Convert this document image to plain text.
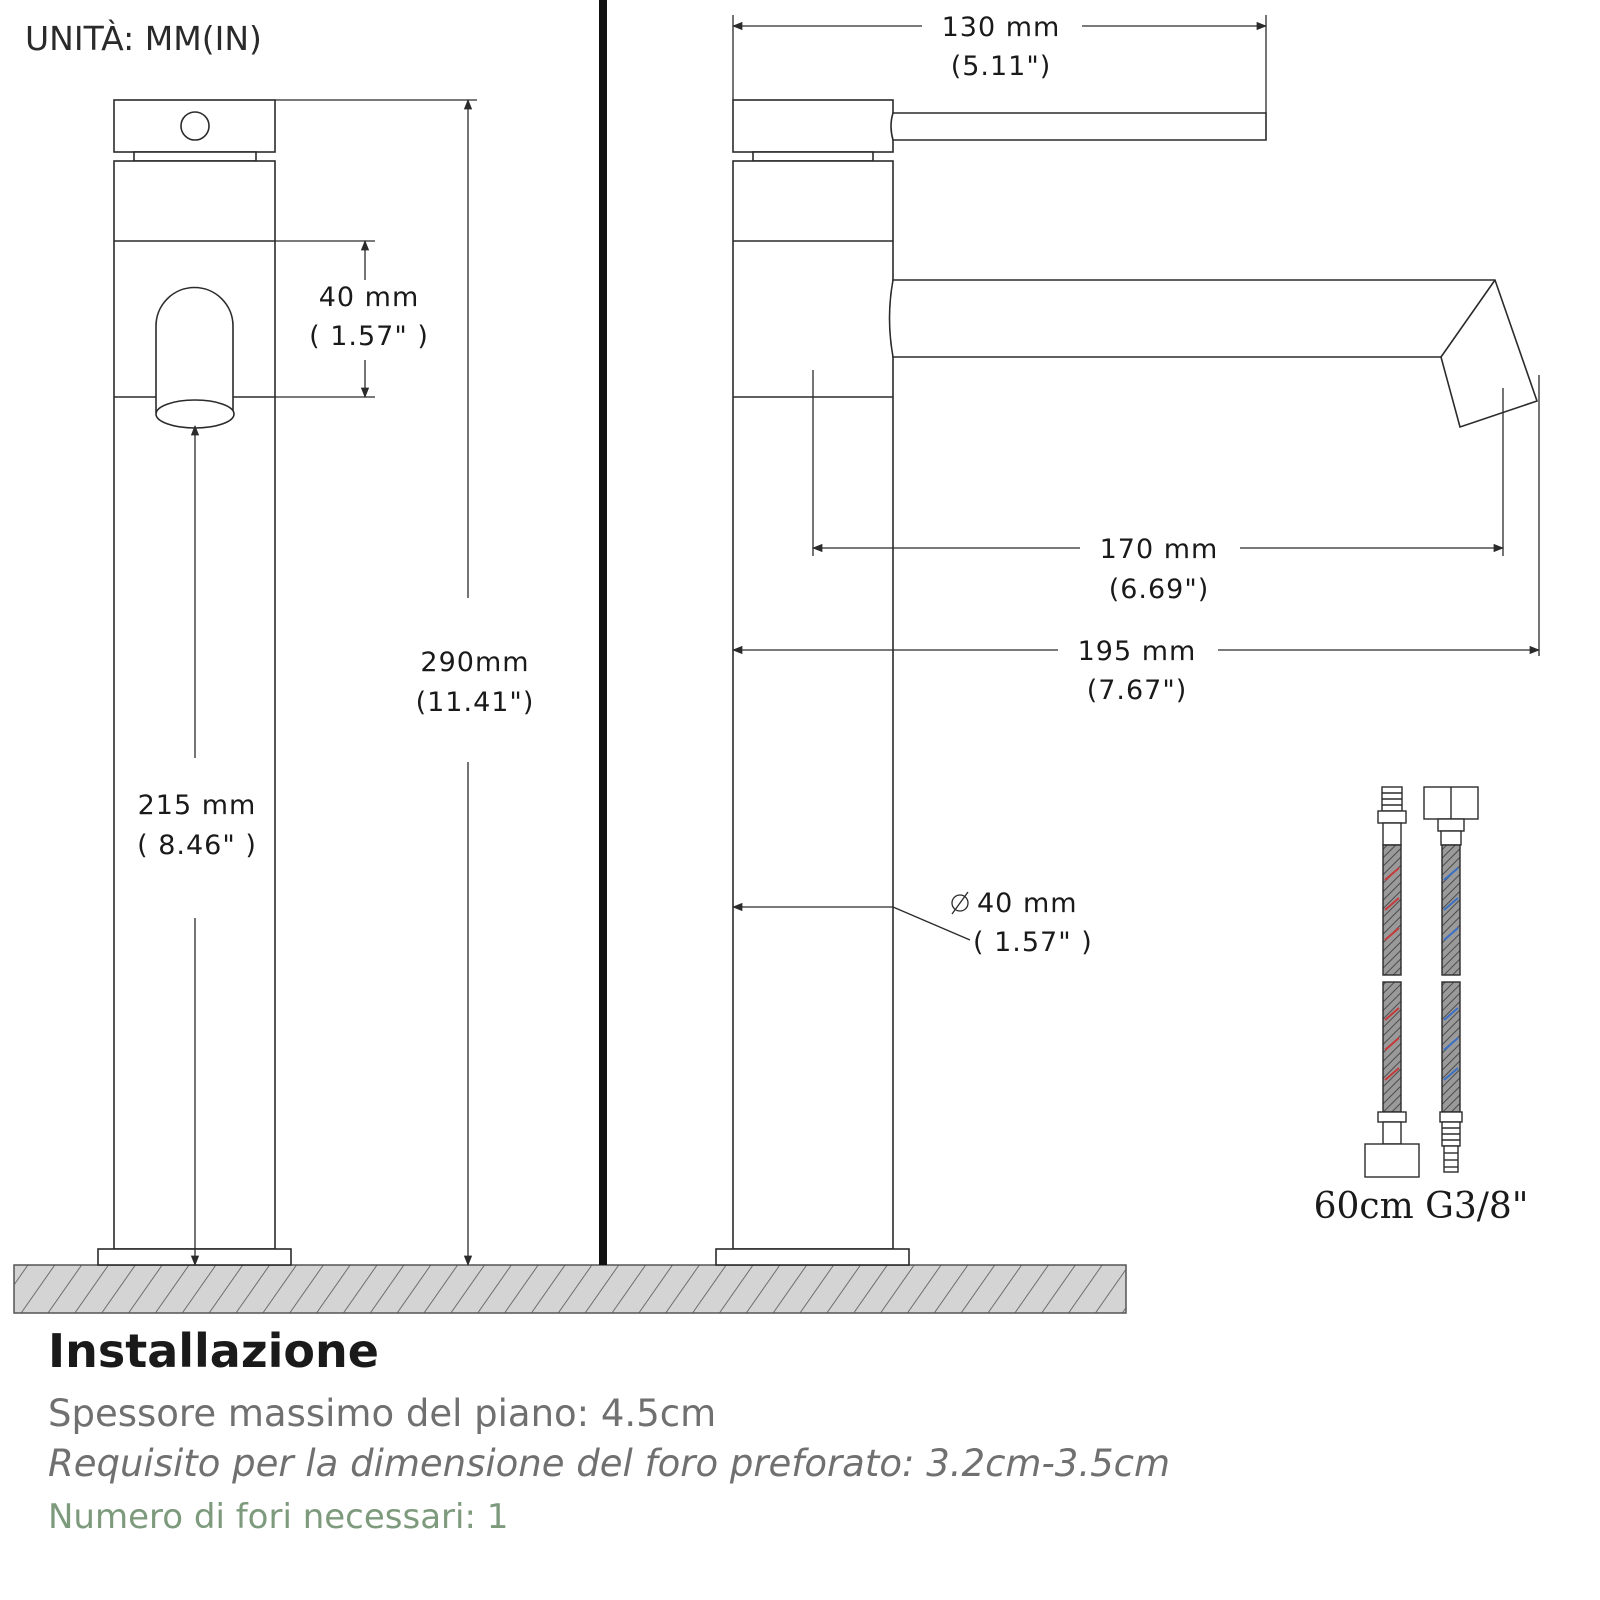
UNITÀ: MM(IN)
40 mm
( 1.57" )
290mm
(11.41")
215 mm
( 8.46" )
130 mm
(5.11")
170 mm
(6.69")
195 mm
(7.67")
40 mm
( 1.57" )
60cm G3/8"
Installazione
Spessore massimo del piano: 4.5cm
Requisito per la dimensione del foro preforato: 3.2cm-3.5cm
Numero di fori necessari: 1
